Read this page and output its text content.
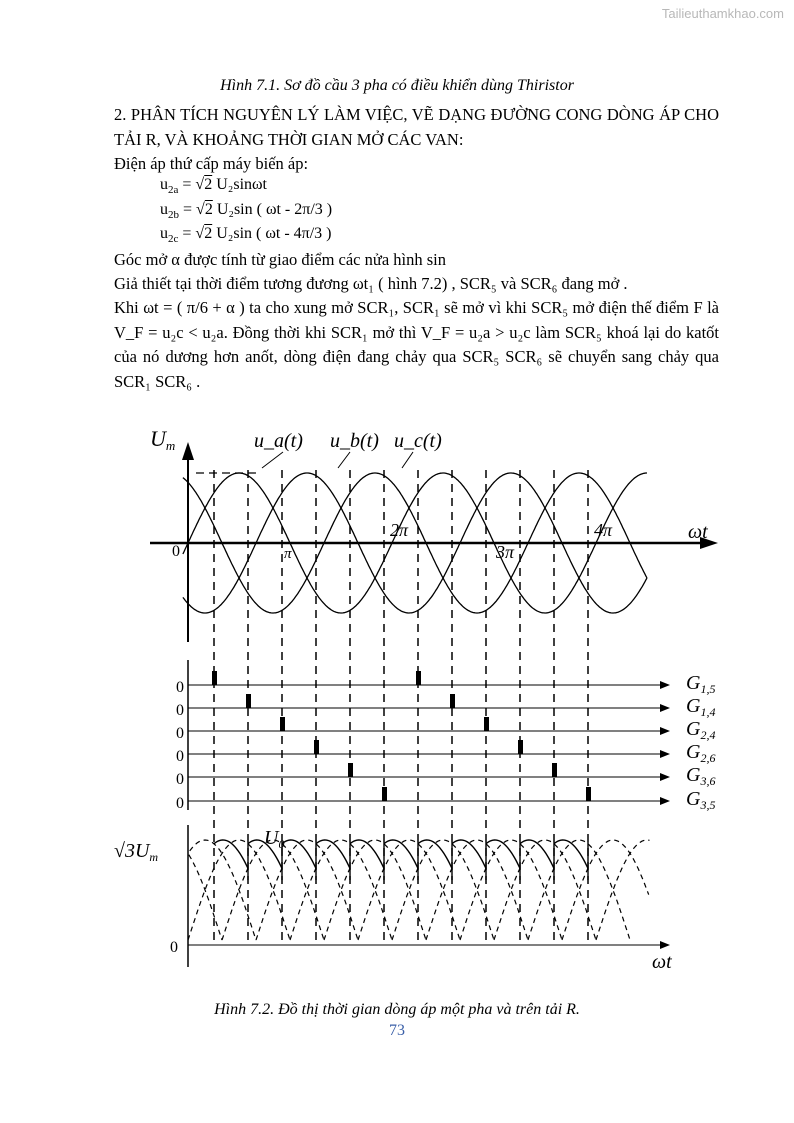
Tailieuthamkhao.com
Hình 7.1. Sơ đồ cầu 3 pha có điều khiển dùng Thiristor
2. PHÂN TÍCH NGUYÊN LÝ LÀM VIỆC, VẼ DẠNG ĐƯỜNG CONG DÒNG ÁP CHO TẢI R, VÀ KHOẢNG THỜI GIAN MỞ CÁC VAN:
Điện áp thứ cấp máy biến áp:
$u_{2a} = √2$ U₂sinωt
$u_{2b} = √2$ U₂sin ( ωt - 2π/3 )
$u_{2c} = √2$ U₂sin ( ωt - 4π/3 )
Góc mở α được tính từ giao điểm các nửa hình sin
Giả thiết tại thời điểm tương đương ωt₁ ( hình 7.2) , SCR₅ và SCR₆ đang mở .
Khi ωt = ( π/6 + α ) ta cho xung mở SCR₁, SCR₁ sẽ mở vì khi SCR₅ mở điện thế điểm F là V_F = u₂c < u₂a. Đồng thời khi SCR₁ mở thì V_F = u₂a > u₂c làm SCR₅ khoá lại do katốt của nó dương hơn anốt, dòng điện đang chảy qua SCR₅ SCR₆ sẽ chuyển sang chảy qua SCR₁ SCR₆ .
0	$G_{1,5}$
0	$G_{1,4}$
0	$G_{2,4}$
0	$G_{2,6}$
0	$G_{3,6}$
0	$G_{3,5}$
Um	u_a(t) u_b(t) u_c(t)
0
ωt
π
2π
3π
4π
$√3U_m$
$U_0$
0
ωt
Hình 7.2. Đồ thị thời gian dòng áp một pha và trên tải R.
73
